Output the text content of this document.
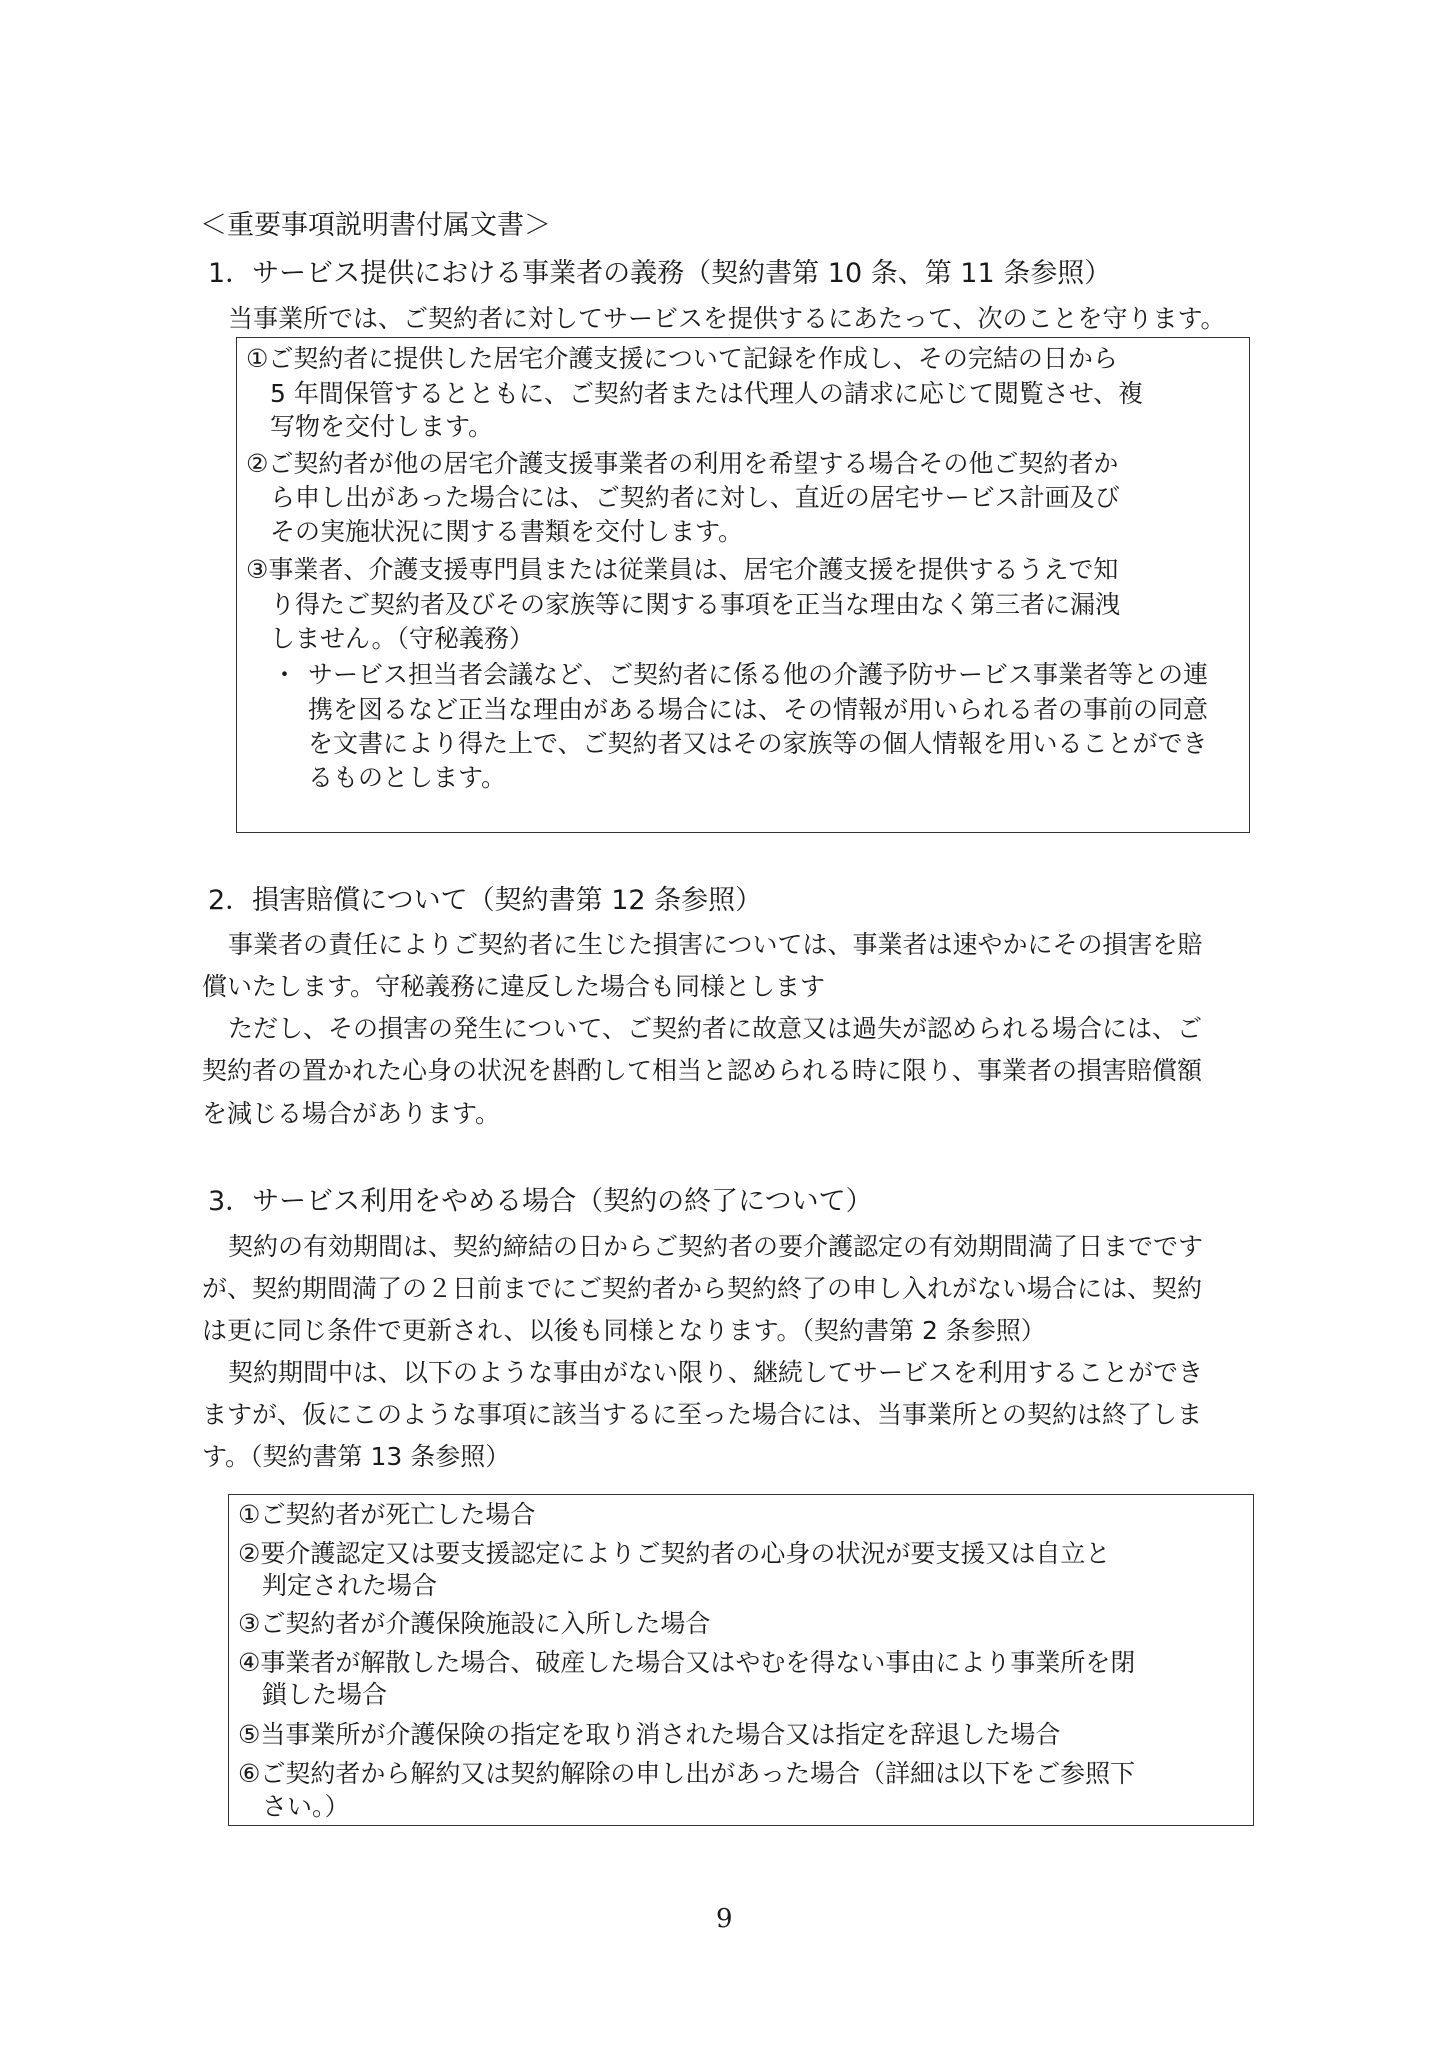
＜重要事項説明書付属文書＞
1．サービス提供における事業者の義務（契約書第 10 条、第 11 条参照）
当事業所では、ご契約者に対してサービスを提供するにあたって、次のことを守ります。
①ご契約者に提供した居宅介護支援について記録を作成し、その完結の日から
5 年間保管するとともに、ご契約者または代理人の請求に応じて閲覧させ、複
写物を交付します。
②ご契約者が他の居宅介護支援事業者の利用を希望する場合その他ご契約者か
ら申し出があった場合には、ご契約者に対し、直近の居宅サービス計画及び
その実施状況に関する書類を交付します。
③事業者、介護支援専門員または従業員は、居宅介護支援を提供するうえで知
り得たご契約者及びその家族等に関する事項を正当な理由なく第三者に漏洩
しません。（守秘義務）
・ サービス担当者会議など、ご契約者に係る他の介護予防サービス事業者等との連
携を図るなど正当な理由がある場合には、その情報が用いられる者の事前の同意
を文書により得た上で、ご契約者又はその家族等の個人情報を用いることができ
るものとします。
2．損害賠償について（契約書第 12 条参照）
事業者の責任によりご契約者に生じた損害については、事業者は速やかにその損害を賠
償いたします。守秘義務に違反した場合も同様とします
ただし、その損害の発生について、ご契約者に故意又は過失が認められる場合には、ご
契約者の置かれた心身の状況を斟酌して相当と認められる時に限り、事業者の損害賠償額
を減じる場合があります。
3．サービス利用をやめる場合（契約の終了について）
契約の有効期間は、契約締結の日からご契約者の要介護認定の有効期間満了日までです
が、契約期間満了の２日前までにご契約者から契約終了の申し入れがない場合には、契約
は更に同じ条件で更新され、以後も同様となります。（契約書第 2 条参照）
契約期間中は、以下のような事由がない限り、継続してサービスを利用することができ
ますが、仮にこのような事項に該当するに至った場合には、当事業所との契約は終了しま
す。（契約書第 13 条参照）
①ご契約者が死亡した場合
②要介護認定又は要支援認定によりご契約者の心身の状況が要支援又は自立と
判定された場合
③ご契約者が介護保険施設に入所した場合
④事業者が解散した場合、破産した場合又はやむを得ない事由により事業所を閉
鎖した場合
⑤当事業所が介護保険の指定を取り消された場合又は指定を辞退した場合
⑥ご契約者から解約又は契約解除の申し出があった場合（詳細は以下をご参照下
さい。）
9
